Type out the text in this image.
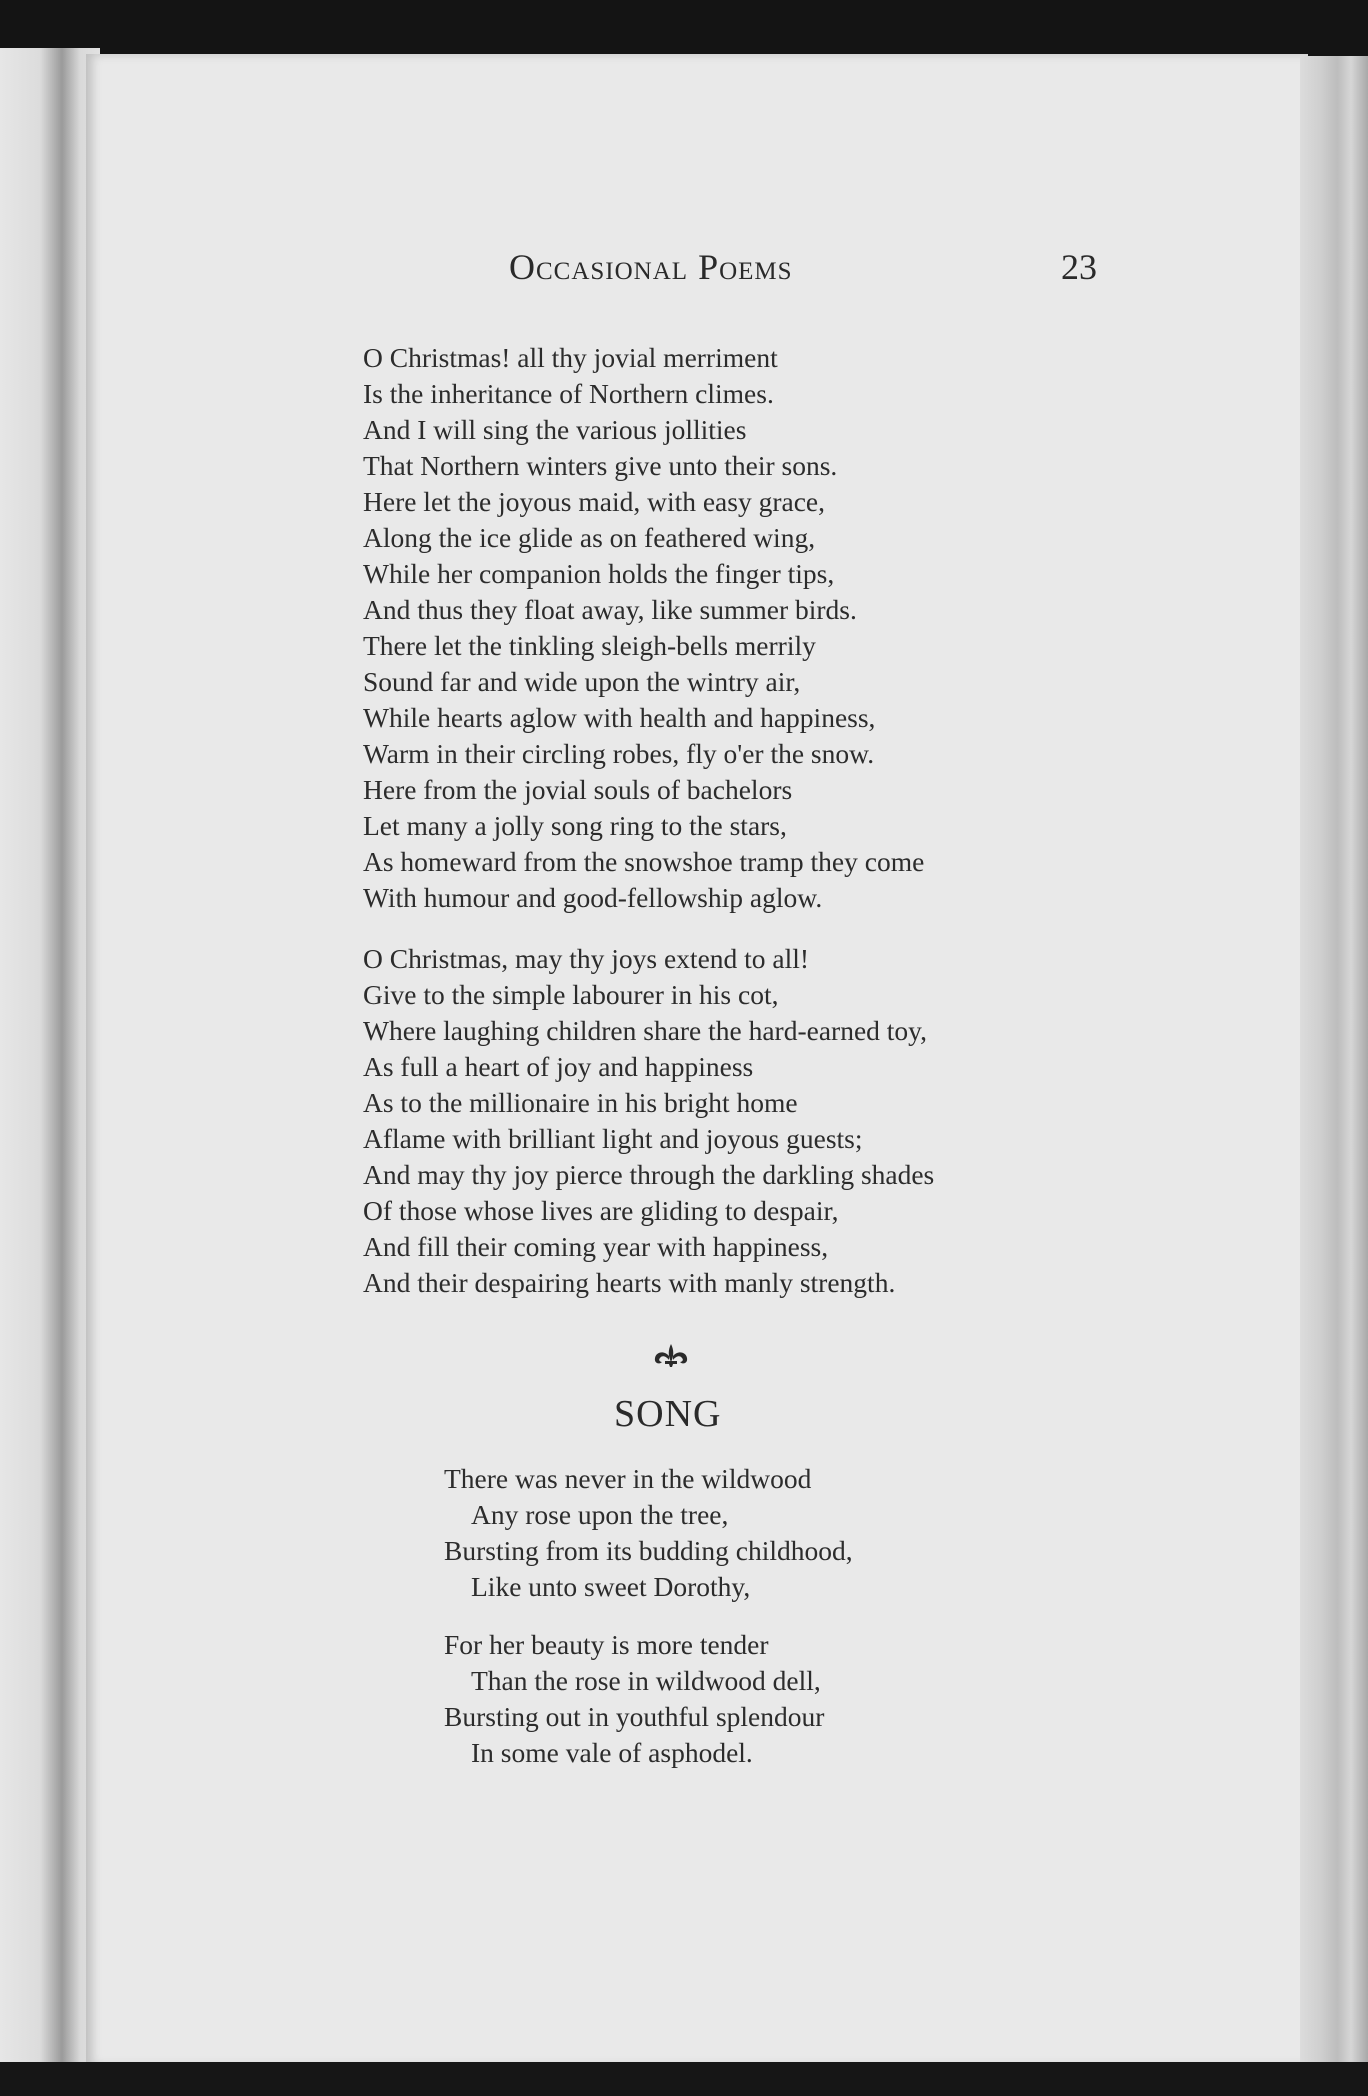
Occasional Poems	23
O Christmas! all thy jovial merriment
Is the inheritance of Northern climes.
And I will sing the various jollities
That Northern winters give unto their sons.
Here let the joyous maid, with easy grace,
Along the ice glide as on feathered wing,
While her companion holds the finger tips,
And thus they float away, like summer birds.
There let the tinkling sleigh-bells merrily
Sound far and wide upon the wintry air,
While hearts aglow with health and happiness,
Warm in their circling robes, fly o'er the snow.
Here from the jovial souls of bachelors
Let many a jolly song ring to the stars,
As homeward from the snowshoe tramp they come
With humour and good-fellowship aglow.
O Christmas, may thy joys extend to all!
Give to the simple labourer in his cot,
Where laughing children share the hard-earned toy,
As full a heart of joy and happiness
As to the millionaire in his bright home
Aflame with brilliant light and joyous guests;
And may thy joy pierce through the darkling shades
Of those whose lives are gliding to despair,
And fill their coming year with happiness,
And their despairing hearts with manly strength.
SONG
There was never in the wildwood
Any rose upon the tree,
Bursting from its budding childhood,
Like unto sweet Dorothy,
For her beauty is more tender
Than the rose in wildwood dell,
Bursting out in youthful splendour
In some vale of asphodel.
